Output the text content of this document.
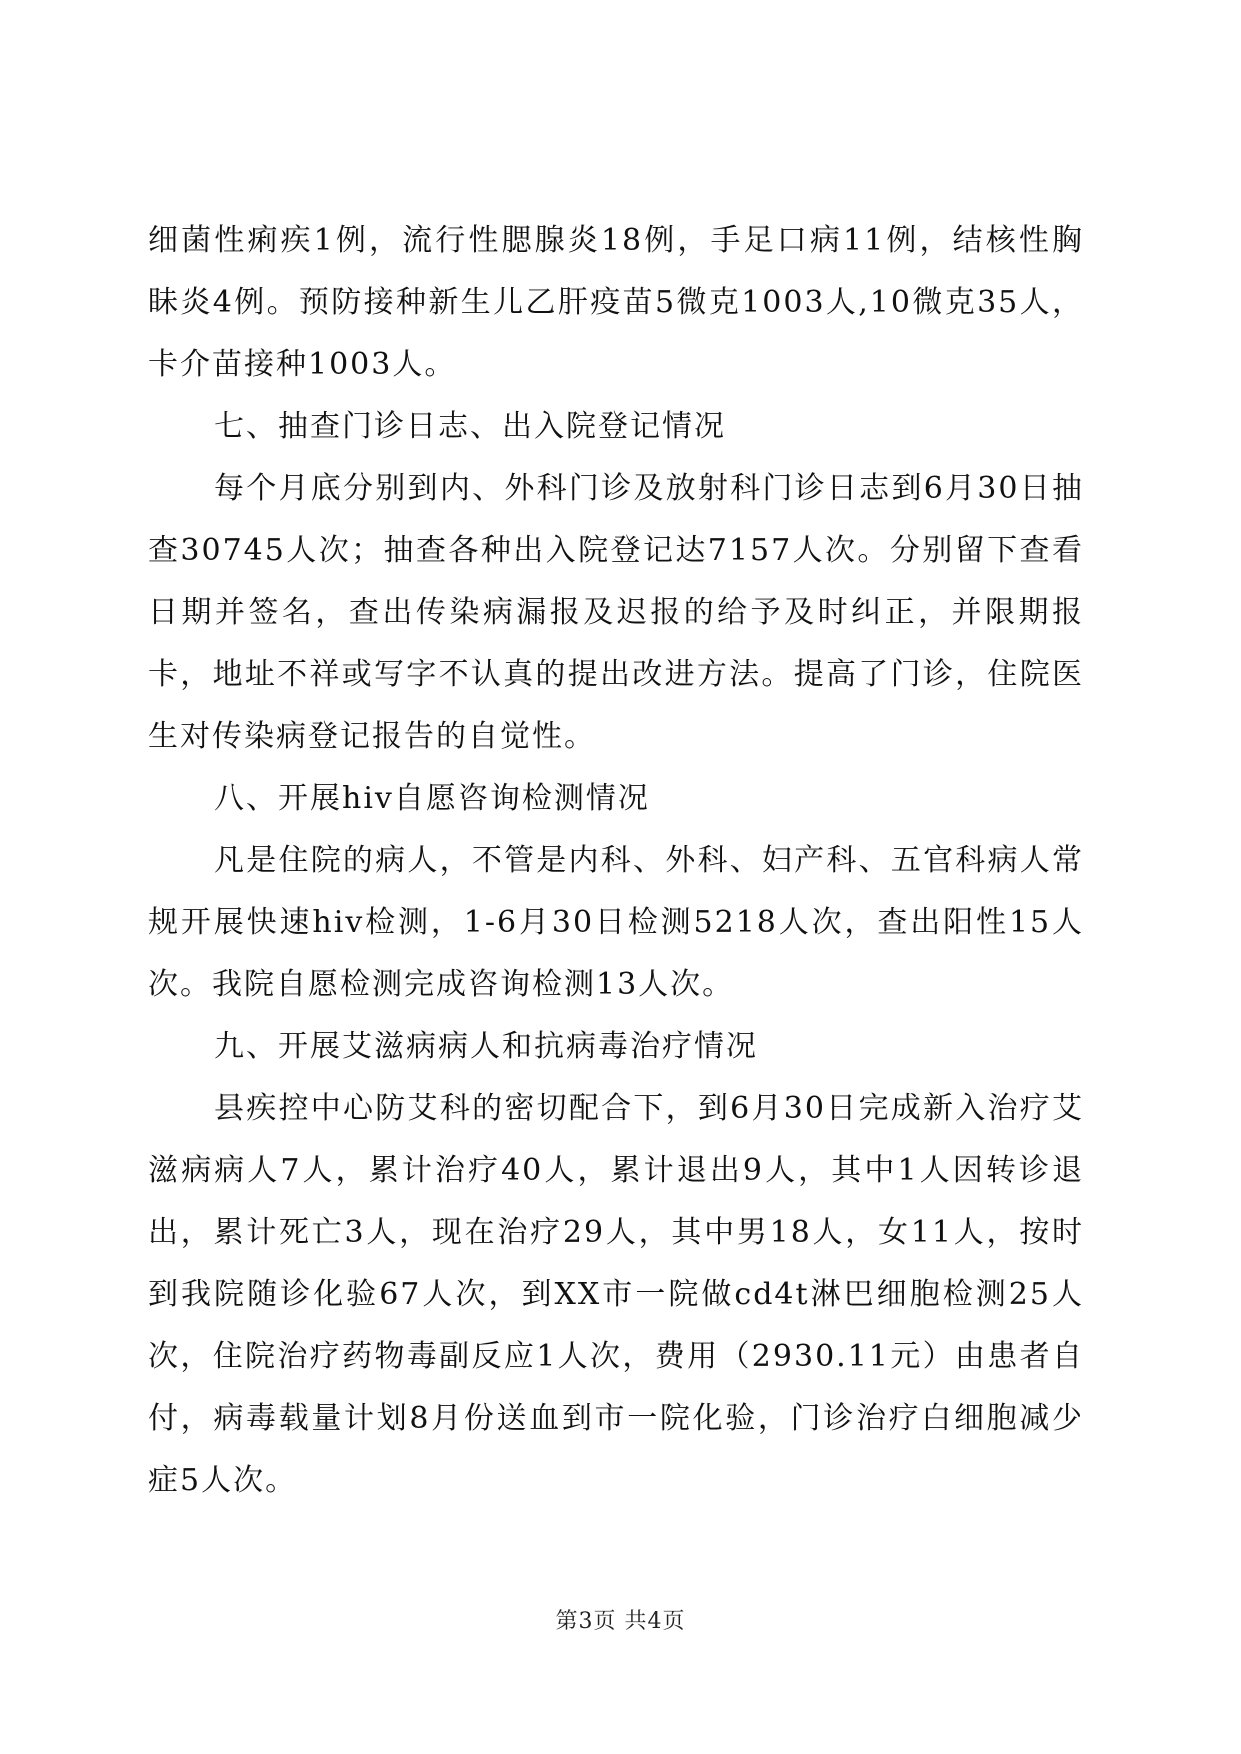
细菌性痢疾1例，流行性腮腺炎18例，手足口病11例，结核性胸眛炎4例。预防接种新生儿乙肝疫苗5微克1003人,10微克35人，卡介苗接种1003人。

七、抽查门诊日志、出入院登记情况

每个月底分别到内、外科门诊及放射科门诊日志到6月30日抽查30745人次；抽查各种出入院登记达7157人次。分别留下查看日期并签名，查出传染病漏报及迟报的给予及时纠正，并限期报卡，地址不祥或写字不认真的提出改进方法。提高了门诊，住院医生对传染病登记报告的自觉性。

八、开展hiv自愿咨询检测情况

凡是住院的病人，不管是内科、外科、妇产科、五官科病人常规开展快速hiv检测，1-6月30日检测5218人次，查出阳性15人次。我院自愿检测完成咨询检测13人次。

九、开展艾滋病病人和抗病毒治疗情况

县疾控中心防艾科的密切配合下，到6月30日完成新入治疗艾滋病病人7人，累计治疗40人，累计退出9人，其中1人因转诊退出，累计死亡3人，现在治疗29人，其中男18人，女11人，按时到我院随诊化验67人次，到XX市一院做cd4t淋巴细胞检测25人次，住院治疗药物毒副反应1人次，费用（2930.11元）由患者自付，病毒载量计划8月份送血到市一院化验，门诊治疗白细胞减少症5人次。

第3页 共4页
